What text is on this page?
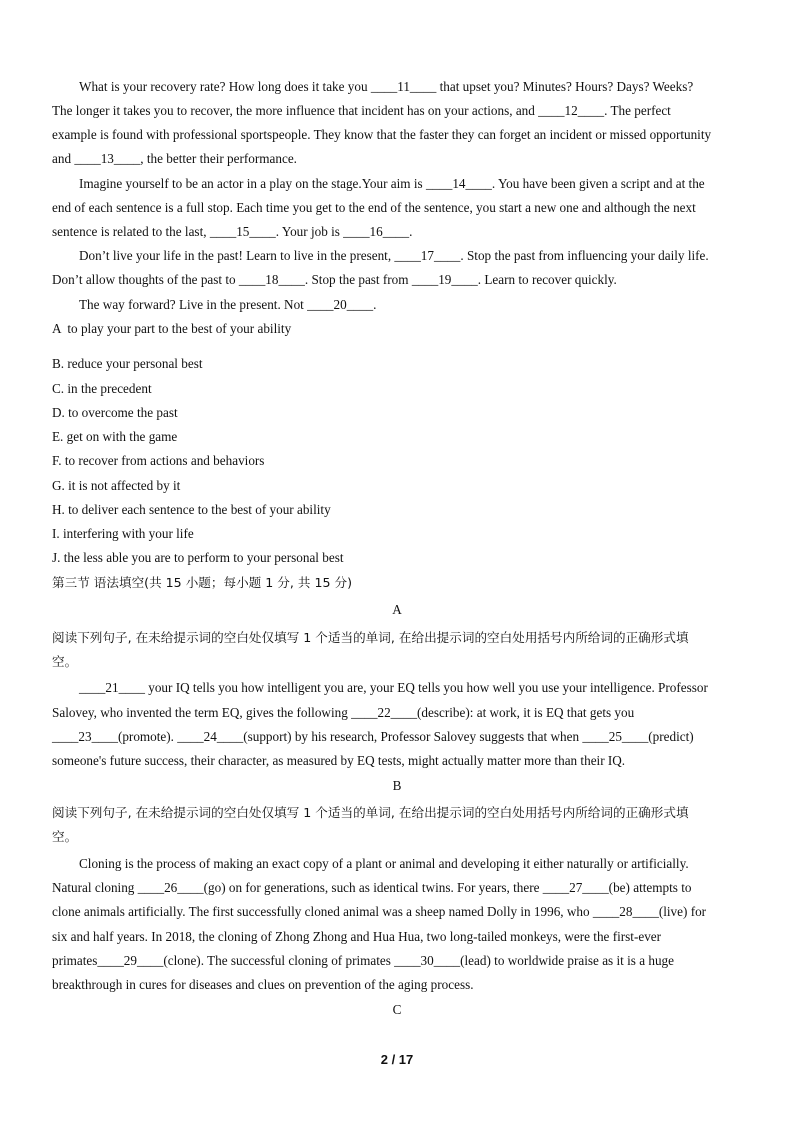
What is your recovery rate? How long does it take you ____11____ that upset you? Minutes? Hours? Days? Weeks?
The longer it takes you to recover, the more influence that incident has on your actions, and ____12____. The perfect
example is found with professional sportspeople. They know that the faster they can forget an incident or missed opportunity
and ____13____, the better their performance.
Imagine yourself to be an actor in a play on the stage.Your aim is ____14____. You have been given a script and at the
end of each sentence is a full stop. Each time you get to the end of the sentence, you start a new one and although the next
sentence is related to the last, ____15____. Your job is ____16____.
Don’t live your life in the past! Learn to live in the present, ____17____. Stop the past from influencing your daily life.
Don’t allow thoughts of the past to ____18____. Stop the past from ____19____. Learn to recover quickly.
The way forward? Live in the present. Not ____20____.
A  to play your part to the best of your ability
B. reduce your personal best
C. in the precedent
D. to overcome the past
E. get on with the game
F. to recover from actions and behaviors
G. it is not affected by it
H. to deliver each sentence to the best of your ability
I. interfering with your life
J. the less able you are to perform to your personal best
第三节 语法填空(共 15 小题；每小题 1 分, 共 15 分)
A
阅读下列句子, 在未给提示词的空白处仅填写 1 个适当的单词, 在给出提示词的空白处用括号内所给词的正确形式填
空。
____21____ your IQ tells you how intelligent you are, your EQ tells you how well you use your intelligence. Professor
Salovey, who invented the term EQ, gives the following ____22____(describe): at work, it is EQ that gets you
____23____(promote). ____24____(support) by his research, Professor Salovey suggests that when ____25____(predict)
someone's future success, their character, as measured by EQ tests, might actually matter more than their IQ.
B
阅读下列句子, 在未给提示词的空白处仅填写 1 个适当的单词, 在给出提示词的空白处用括号内所给词的正确形式填
空。
Cloning is the process of making an exact copy of a plant or animal and developing it either naturally or artificially.
Natural cloning ____26____(go) on for generations, such as identical twins. For years, there ____27____(be) attempts to
clone animals artificially. The first successfully cloned animal was a sheep named Dolly in 1996, who ____28____(live) for
six and half years. In 2018, the cloning of Zhong Zhong and Hua Hua, two long-tailed monkeys, were the first-ever
primates____29____(clone). The successful cloning of primates ____30____(lead) to worldwide praise as it is a huge
breakthrough in cures for diseases and clues on prevention of the aging process.
C
2 / 17
